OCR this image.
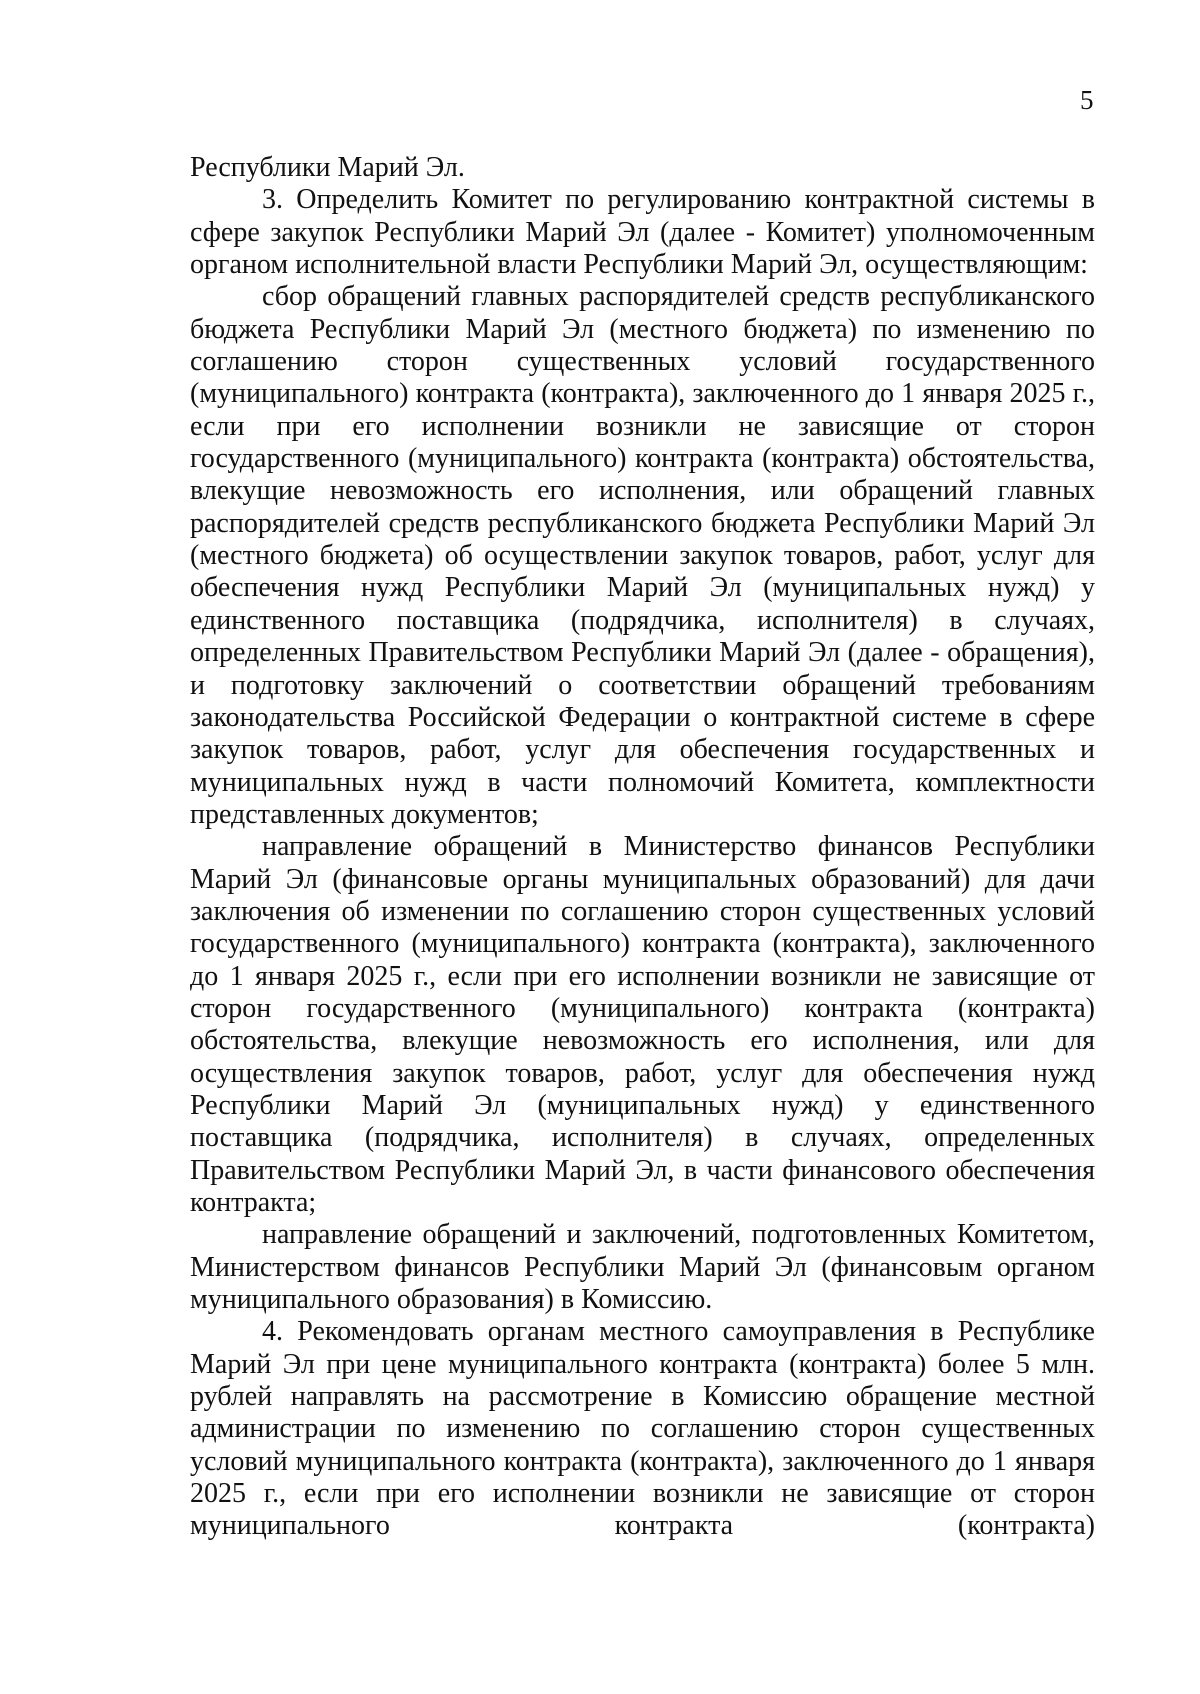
5

Республики Марий Эл.

3. Определить Комитет по регулированию контрактной системы в сфере закупок Республики Марий Эл (далее - Комитет) уполномоченным органом исполнительной власти Республики Марий Эл, осуществляющим:

сбор обращений главных распорядителей средств республиканского бюджета Республики Марий Эл (местного бюджета) по изменению по соглашению сторон существенных условий государственного (муниципального) контракта (контракта), заключенного до 1 января 2025 г., если при его исполнении возникли не зависящие от сторон государственного (муниципального) контракта (контракта) обстоятельства, влекущие невозможность его исполнения, или обращений главных распорядителей средств республиканского бюджета Республики Марий Эл (местного бюджета) об осуществлении закупок товаров, работ, услуг для обеспечения нужд Республики Марий Эл (муниципальных нужд) у единственного поставщика (подрядчика, исполнителя) в случаях, определенных Правительством Республики Марий Эл (далее - обращения), и подготовку заключений о соответствии обращений требованиям законодательства Российской Федерации о контрактной системе в сфере закупок товаров, работ, услуг для обеспечения государственных и муниципальных нужд в части полномочий Комитета, комплектности представленных документов;

направление обращений в Министерство финансов Республики Марий Эл (финансовые органы муниципальных образований) для дачи заключения об изменении по соглашению сторон существенных условий государственного (муниципального) контракта (контракта), заключенного до 1 января 2025 г., если при его исполнении возникли не зависящие от сторон государственного (муниципального) контракта (контракта) обстоятельства, влекущие невозможность его исполнения, или для осуществления закупок товаров, работ, услуг для обеспечения нужд Республики Марий Эл (муниципальных нужд) у единственного поставщика (подрядчика, исполнителя) в случаях, определенных Правительством Республики Марий Эл, в части финансового обеспечения контракта;

направление обращений и заключений, подготовленных Комитетом, Министерством финансов Республики Марий Эл (финансовым органом муниципального образования) в Комиссию.

4. Рекомендовать органам местного самоуправления в Республике Марий Эл при цене муниципального контракта (контракта) более 5 млн. рублей направлять на рассмотрение в Комиссию обращение местной администрации по изменению по соглашению сторон существенных условий муниципального контракта (контракта), заключенного до 1 января 2025 г., если при его исполнении возникли не зависящие от сторон муниципального контракта (контракта)
